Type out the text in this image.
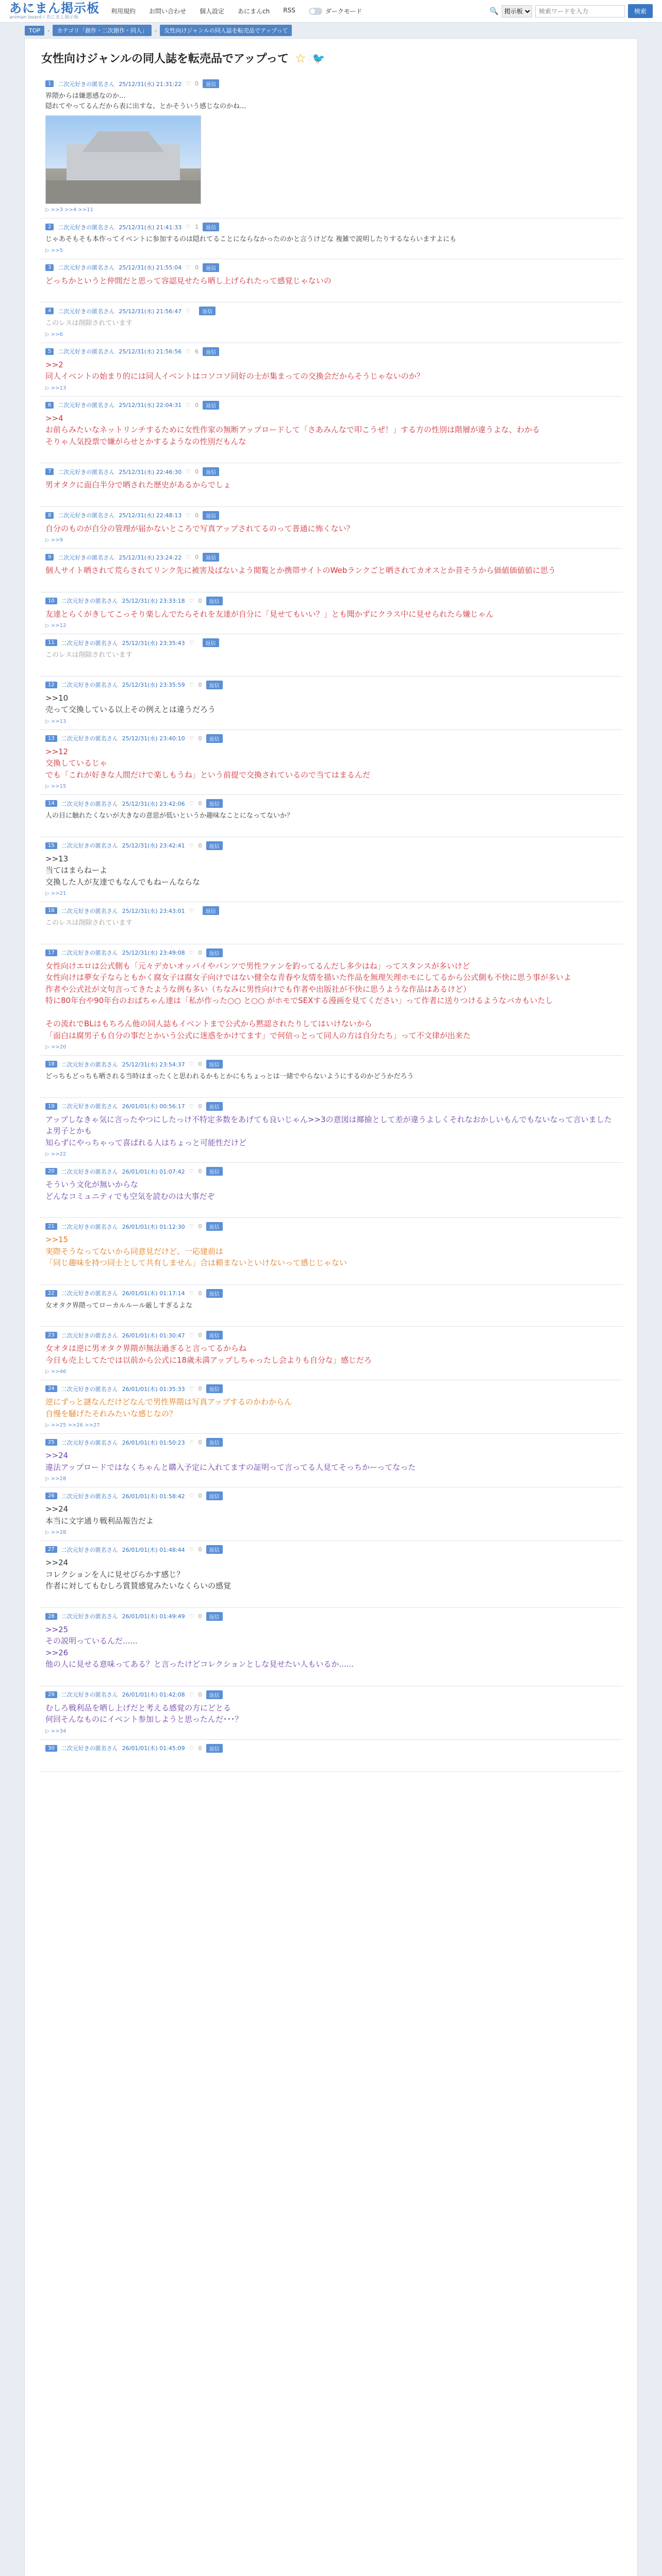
あにまん掲示板
animan board / あにまん掲示板
利用規約 お問い合わせ 個人設定 あにまんch RSS	ダークモード	🔍
掲示板
検索ワードを入力	検索
TOP	›	カテゴリ「創作・二次創作・同人」	›	女性向けジャンルの同人誌を転売品でアップって
女性向けジャンルの同人誌を転売品でアップって ☆ 🐦
1	二次元好きの匿名さん 25/12/31(水) 21:31:22 ♡ 0	返信
界隈からは嫌悪感なのか...
隠れてやってるんだから表に出すな、とかそういう感じなのかね...
▷ >>3 >>4 >>11
2	二次元好きの匿名さん 25/12/31(水) 21:41:33 ♡ 1	返信
じゃあそもそも本作ってイベントに参加するのは隠れてることにならなかったのかと言うけどな 複雑で説明したりするならいますよにも
▷ >>5
3	二次元好きの匿名さん 25/12/31(水) 21:55:04 ♡ 0	返信
どっちかというと仲間だと思って容認見せたら晒し上げられたって感覚じゃないの
4	二次元好きの匿名さん 25/12/31(水) 21:56:47 ♡	返信
このレスは削除されています
▷ >>6
5	二次元好きの匿名さん 25/12/31(水) 21:56:56 ♡ 6	返信
>>2
同人イベントの始まり的には同人イベントはコソコソ同好の士が集まっての交換会だからそうじゃないのか？
▷ >>13
6	二次元好きの匿名さん 25/12/31(水) 22:04:31 ♡ 0	返信
>>4
お前らみたいなネットリンチするために女性作家の無断アップロードして「さあみんなで叩こうぜ！」する方の性別は階層が違うよな、わかる
そりゃ人気投票で嫌がらせとかするようなの性別だもんな
7	二次元好きの匿名さん 25/12/31(水) 22:46:30 ♡ 0	返信
男オタクに面白半分で晒された歴史があるからでしょ
8	二次元好きの匿名さん 25/12/31(水) 22:48:13 ♡ 0	返信
自分のものが自分の管理が届かないところで写真アップされてるのって普通に怖くない？
▷ >>9
9	二次元好きの匿名さん 25/12/31(水) 23:24:22 ♡ 0	返信
個人サイト晒されて荒らされてリンク先に被害及ばないよう閲覧とか携帯サイトのWebランクごと晒されてカオスとか昔そうから価値価値値に思う
10	二次元好きの匿名さん 25/12/31(水) 23:33:18 ♡ 0	返信
友達とらくがきしてこっそり楽しんでたらそれを友達が自分に「見せてもいい？」とも聞かずにクラス中に見せられたら嫌じゃん
▷ >>12
11	二次元好きの匿名さん 25/12/31(水) 23:35:43 ♡	返信
このレスは削除されています
12	二次元好きの匿名さん 25/12/31(水) 23:35:59 ♡ 0	返信
>>10
売って交換している以上その例えとは違うだろう
▷ >>13
13	二次元好きの匿名さん 25/12/31(水) 23:40:10 ♡ 0	返信
>>12
交換しているじゃ
でも「これが好きな人間だけで楽しもうね」という前提で交換されているので当てはまるんだ
▷ >>15
14	二次元好きの匿名さん 25/12/31(水) 23:42:06 ♡ 0	返信
人の目に触れたくないが大きなの意思が低いというか趣味なことになってないか？
15	二次元好きの匿名さん 25/12/31(水) 23:42:41 ♡ 0	返信
>>13
当てはまらねーよ
交換した人が友達でもなんでもねーんならな
▷ >>21
16	二次元好きの匿名さん 25/12/31(水) 23:43:01 ♡	返信
このレスは削除されています
17	二次元好きの匿名さん 25/12/31(水) 23:49:08 ♡ 0	返信
女性向けエロは公式側も「元々デカいオッパイやパンツで男性ファンを釣ってるんだし多少はね」ってスタンスが多いけど
女性向けは夢女子ならともかく腐女子は腐女子向けではない健全な青春や友情を描いた作品を無理矢理ホモにしてるから公式側も不快に思う事が多いよ
作者や公式社が文句言ってきたような例も多い（ちなみに男性向けでも作者や出版社が不快に思うような作品はあるけど）
特に80年台や90年台のおばちゃん達は「私が作った○○ と○○ がホモでSEXする漫画を見てください」って作者に送りつけるようなバカもいたし

その流れでBLはもちろん他の同人誌もイベントまで公式から黙認されたりしてはいけないから
「面白は腐男子も自分の事だとかいう公式に迷惑をかけてます」で何倍っとって同人の方は自分たち」って不文律が出来た
▷ >>20
18	二次元好きの匿名さん 25/12/31(水) 23:54:37 ♡ 0	返信
どっちもどっちも晒される当時はまったくと思われるかもとかにもちょっとは一緒でやらないようにするのかどうかだろう
19	二次元好きの匿名さん 26/01/01(木) 00:56:17 ♡ 0	返信
アップしなきゃ気に言ったやつにしたっけ不特定多数をあげても良いじゃん>>3の意図は揶揄として差が違うよしくそれなおかしいもんでもないなって言いましたよ男子とかも
知らずにやっちゃって喜ばれる人はちょっと可能性だけど
▷ >>22
20	二次元好きの匿名さん 26/01/01(木) 01:07:42 ♡ 0	返信
そういう文化が無いからな
どんなコミュニティでも空気を読むのは大事だぞ
21	二次元好きの匿名さん 26/01/01(木) 01:12:30 ♡ 0	返信
>>15
実際そうなってないから同意見だけど、一応建前は
「同じ趣味を持つ同士として共有しません」合は頼まないといけないって感じじゃない
22	二次元好きの匿名さん 26/01/01(木) 01:17:14 ♡ 0	返信
女オタク界隈ってローカルルール厳しすぎるよな
23	二次元好きの匿名さん 26/01/01(木) 01:30:47 ♡ 0	返信
女オタは逆に男オタク界隈が無法過ぎると言ってるからね
今日も売上してたでは以前から公式に18歳未満アップしちゃったし会よりも自分な」感じだろ
▷ >>46
24	二次元好きの匿名さん 26/01/01(木) 01:35:33 ♡ 0	返信
逆にずっと謎なんだけどなんで男性界隈は写真アップするのかわからん
自慢を騒げたそれみたいな感じなの？
▷ >>25 >>26 >>27
25	二次元好きの匿名さん 26/01/01(木) 01:50:23 ♡ 0	返信
>>24
違法アップロードではなくちゃんと購入予定に入れてますの証明って言ってる人見てそっちかーってなった
▷ >>28
26	二次元好きの匿名さん 26/01/01(木) 01:58:42 ♡ 0	返信
>>24
本当に文字通り戦利品報告だよ
▷ >>28
27	二次元好きの匿名さん 26/01/01(木) 01:48:44 ♡ 0	返信
>>24
コレクションを人に見せびらかす感じ？
作者に対してもむしろ賞賛感覚みたいなくらいの感覚
28	二次元好きの匿名さん 26/01/01(木) 01:49:49 ♡ 0	返信
>>25
その説明っているんだ......
>>26
他の人に見せる意味ってある？と言ったけどコレクションとしな見せたい人もいるか......
29	二次元好きの匿名さん 26/01/01(木) 01:42:08 ♡ 0	返信
むしろ戦利品を晒し上げだと考える感覚の方にどとる
何回そんなものにイベント参加しようと思ったんだ･･･？
▷ >>34
30	二次元好きの匿名さん 26/01/01(木) 01:45:09 ♡ 0	返信
